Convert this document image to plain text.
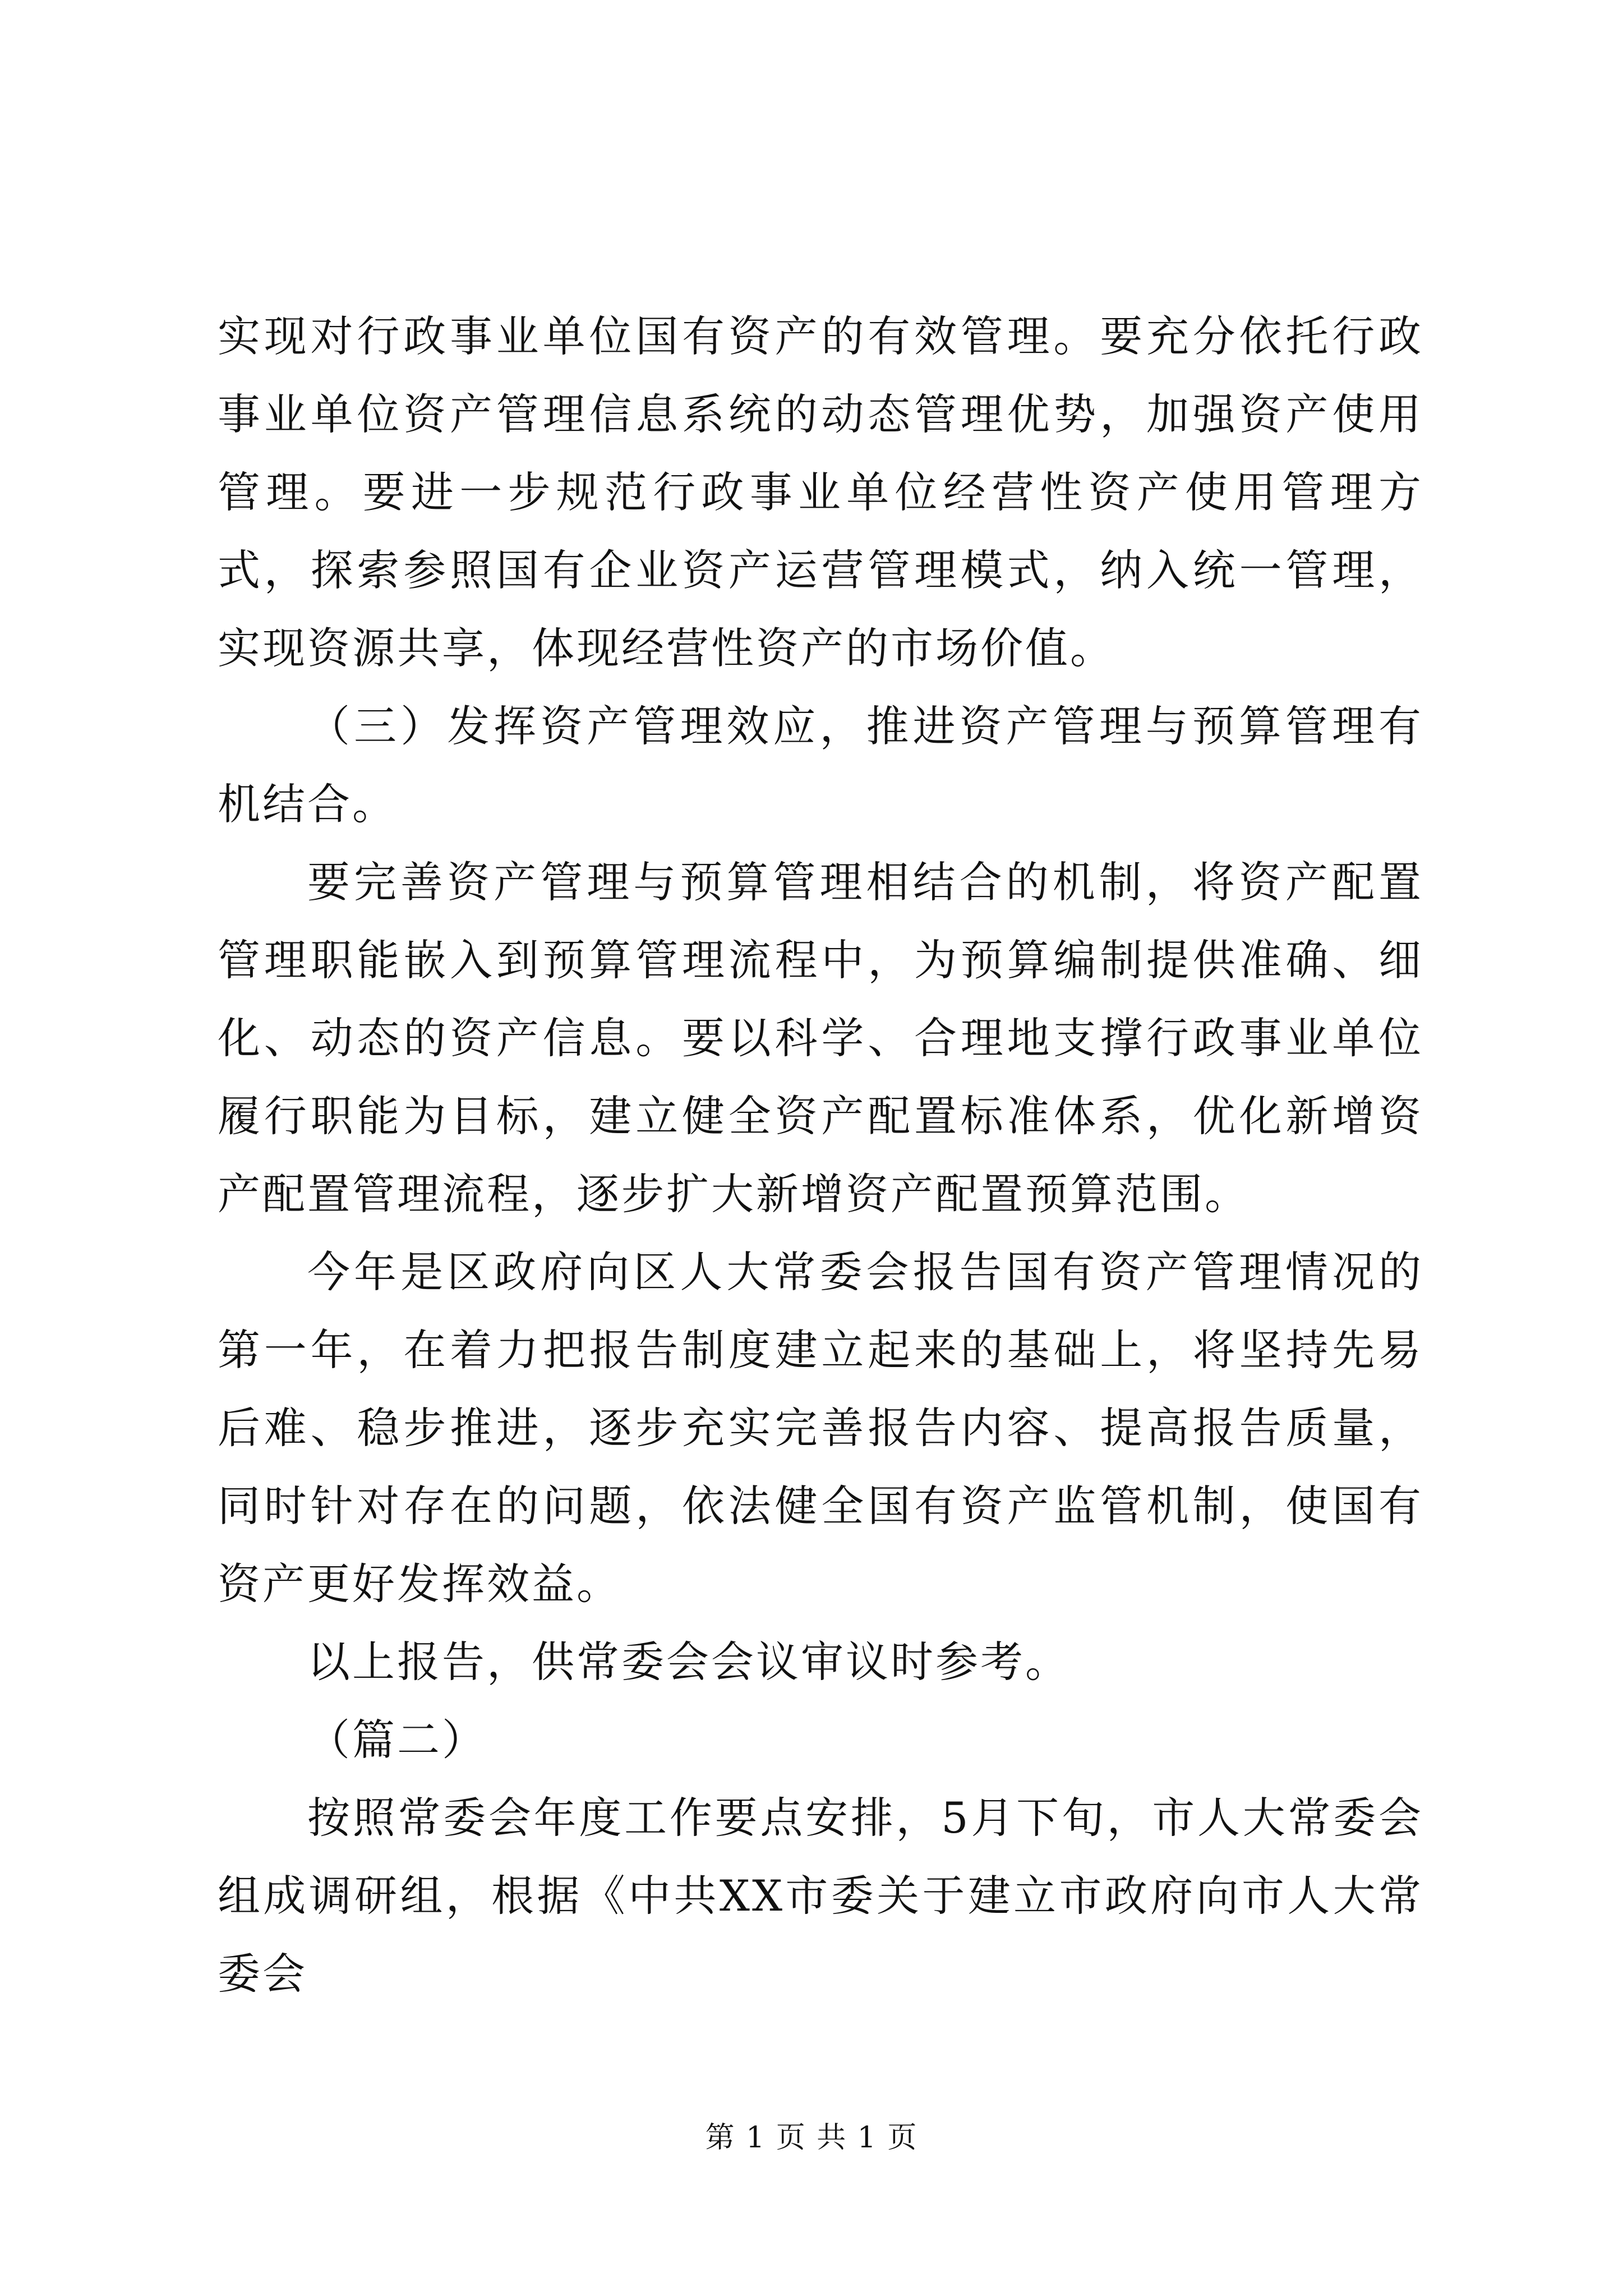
实现对行政事业单位国有资产的有效管理。要充分依托行政事业单位资产管理信息系统的动态管理优势，加强资产使用管理。要进一步规范行政事业单位经营性资产使用管理方式，探索参照国有企业资产运营管理模式，纳入统一管理，实现资源共享，体现经营性资产的市场价值。

（三）发挥资产管理效应，推进资产管理与预算管理有机结合。

要完善资产管理与预算管理相结合的机制，将资产配置管理职能嵌入到预算管理流程中，为预算编制提供准确、细化、动态的资产信息。要以科学、合理地支撑行政事业单位履行职能为目标，建立健全资产配置标准体系，优化新增资产配置管理流程，逐步扩大新增资产配置预算范围。

今年是区政府向区人大常委会报告国有资产管理情况的第一年，在着力把报告制度建立起来的基础上，将坚持先易后难、稳步推进，逐步充实完善报告内容、提高报告质量，同时针对存在的问题，依法健全国有资产监管机制，使国有资产更好发挥效益。

以上报告，供常委会会议审议时参考。

（篇二）

按照常委会年度工作要点安排，5月下旬，市人大常委会组成调研组，根据《中共XX市委关于建立市政府向市人大常委会

第 1 页 共 1 页
